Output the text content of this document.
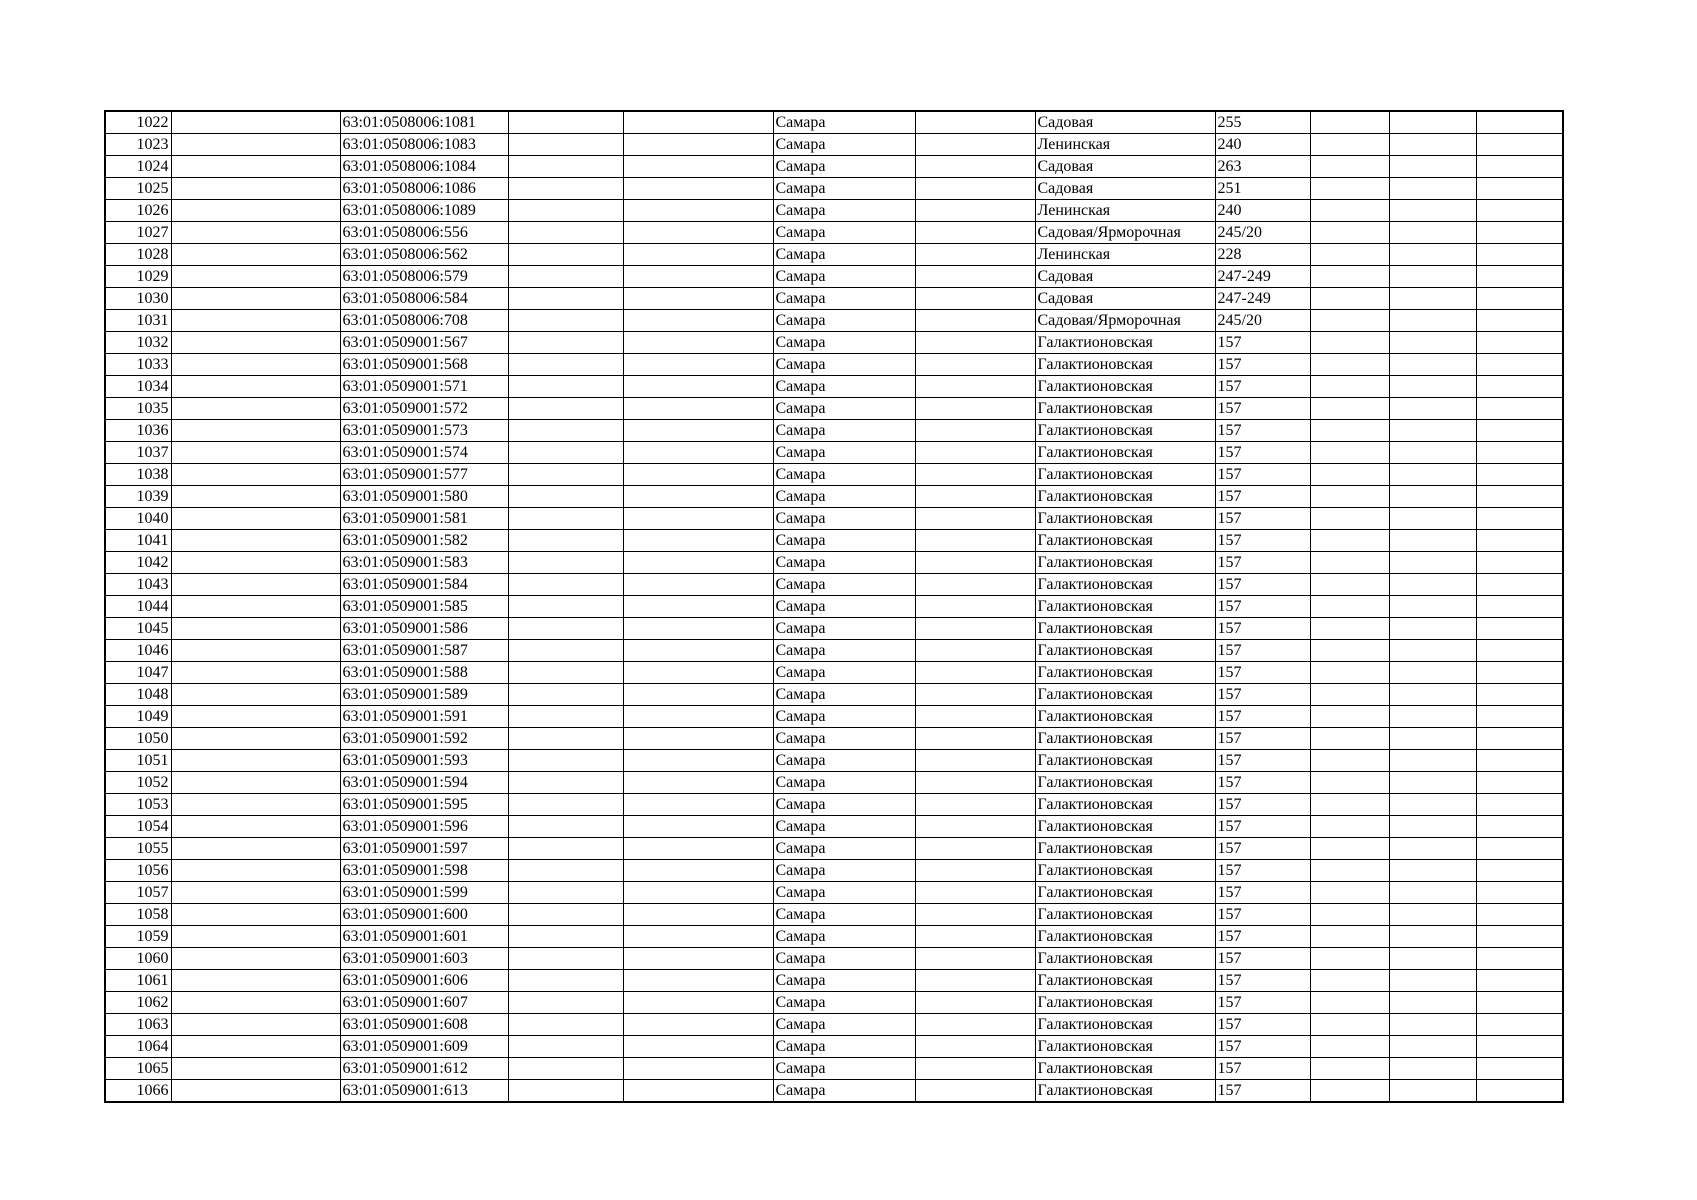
1022		63:01:0508006:1081			Самара		Садовая	255			
1023		63:01:0508006:1083			Самара		Ленинская	240			
1024		63:01:0508006:1084			Самара		Садовая	263			
1025		63:01:0508006:1086			Самара		Садовая	251			
1026		63:01:0508006:1089			Самара		Ленинская	240			
1027		63:01:0508006:556			Самара		Садовая/Ярморочная	245/20			
1028		63:01:0508006:562			Самара		Ленинская	228			
1029		63:01:0508006:579			Самара		Садовая	247-249			
1030		63:01:0508006:584			Самара		Садовая	247-249			
1031		63:01:0508006:708			Самара		Садовая/Ярморочная	245/20			
1032		63:01:0509001:567			Самара		Галактионовская	157			
1033		63:01:0509001:568			Самара		Галактионовская	157			
1034		63:01:0509001:571			Самара		Галактионовская	157			
1035		63:01:0509001:572			Самара		Галактионовская	157			
1036		63:01:0509001:573			Самара		Галактионовская	157			
1037		63:01:0509001:574			Самара		Галактионовская	157			
1038		63:01:0509001:577			Самара		Галактионовская	157			
1039		63:01:0509001:580			Самара		Галактионовская	157			
1040		63:01:0509001:581			Самара		Галактионовская	157			
1041		63:01:0509001:582			Самара		Галактионовская	157			
1042		63:01:0509001:583			Самара		Галактионовская	157			
1043		63:01:0509001:584			Самара		Галактионовская	157			
1044		63:01:0509001:585			Самара		Галактионовская	157			
1045		63:01:0509001:586			Самара		Галактионовская	157			
1046		63:01:0509001:587			Самара		Галактионовская	157			
1047		63:01:0509001:588			Самара		Галактионовская	157			
1048		63:01:0509001:589			Самара		Галактионовская	157			
1049		63:01:0509001:591			Самара		Галактионовская	157			
1050		63:01:0509001:592			Самара		Галактионовская	157			
1051		63:01:0509001:593			Самара		Галактионовская	157			
1052		63:01:0509001:594			Самара		Галактионовская	157			
1053		63:01:0509001:595			Самара		Галактионовская	157			
1054		63:01:0509001:596			Самара		Галактионовская	157			
1055		63:01:0509001:597			Самара		Галактионовская	157			
1056		63:01:0509001:598			Самара		Галактионовская	157			
1057		63:01:0509001:599			Самара		Галактионовская	157			
1058		63:01:0509001:600			Самара		Галактионовская	157			
1059		63:01:0509001:601			Самара		Галактионовская	157			
1060		63:01:0509001:603			Самара		Галактионовская	157			
1061		63:01:0509001:606			Самара		Галактионовская	157			
1062		63:01:0509001:607			Самара		Галактионовская	157			
1063		63:01:0509001:608			Самара		Галактионовская	157			
1064		63:01:0509001:609			Самара		Галактионовская	157			
1065		63:01:0509001:612			Самара		Галактионовская	157			
1066		63:01:0509001:613			Самара		Галактионовская	157			
